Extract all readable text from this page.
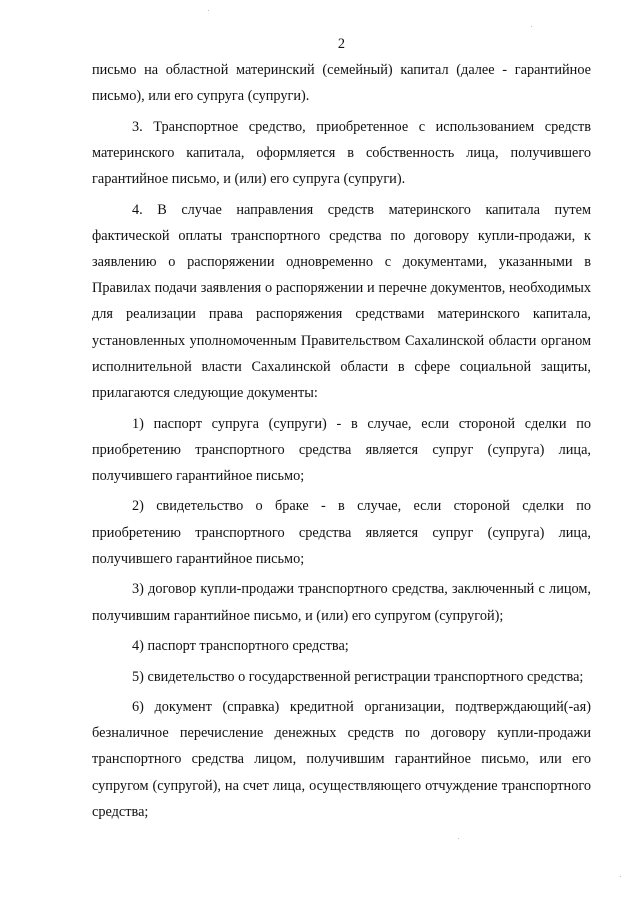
2

письмо на областной материнский (семейный) капитал (далее - гарантийное письмо), или его супруга (супруги).

3. Транспортное средство, приобретенное с использованием средств материнского капитала, оформляется в собственность лица, получившего гарантийное письмо, и (или) его супруга (супруги).

4. В случае направления средств материнского капитала путем фактической оплаты транспортного средства по договору купли-продажи, к заявлению о распоряжении одновременно с документами, указанными в Правилах подачи заявления о распоряжении и перечне документов, необходимых для реализации права распоряжения средствами материнского капитала, установленных уполномоченным Правительством Сахалинской области органом исполнительной власти Сахалинской области в сфере социальной защиты, прилагаются следующие документы:

1) паспорт супруга (супруги) - в случае, если стороной сделки по приобретению транспортного средства является супруг (супруга) лица, получившего гарантийное письмо;

2) свидетельство о браке - в случае, если стороной сделки по приобретению транспортного средства является супруг (супруга) лица, получившего гарантийное письмо;

3) договор купли-продажи транспортного средства, заключенный с лицом, получившим гарантийное письмо, и (или) его супругом (супругой);

4) паспорт транспортного средства;

5) свидетельство о государственной регистрации транспортного средства;

6) документ (справка) кредитной организации, подтверждающий(-ая) безналичное перечисление денежных средств по договору купли-продажи транспортного средства лицом, получившим гарантийное письмо, или его супругом (супругой), на счет лица, осуществляющего отчуждение транспортного средства;
